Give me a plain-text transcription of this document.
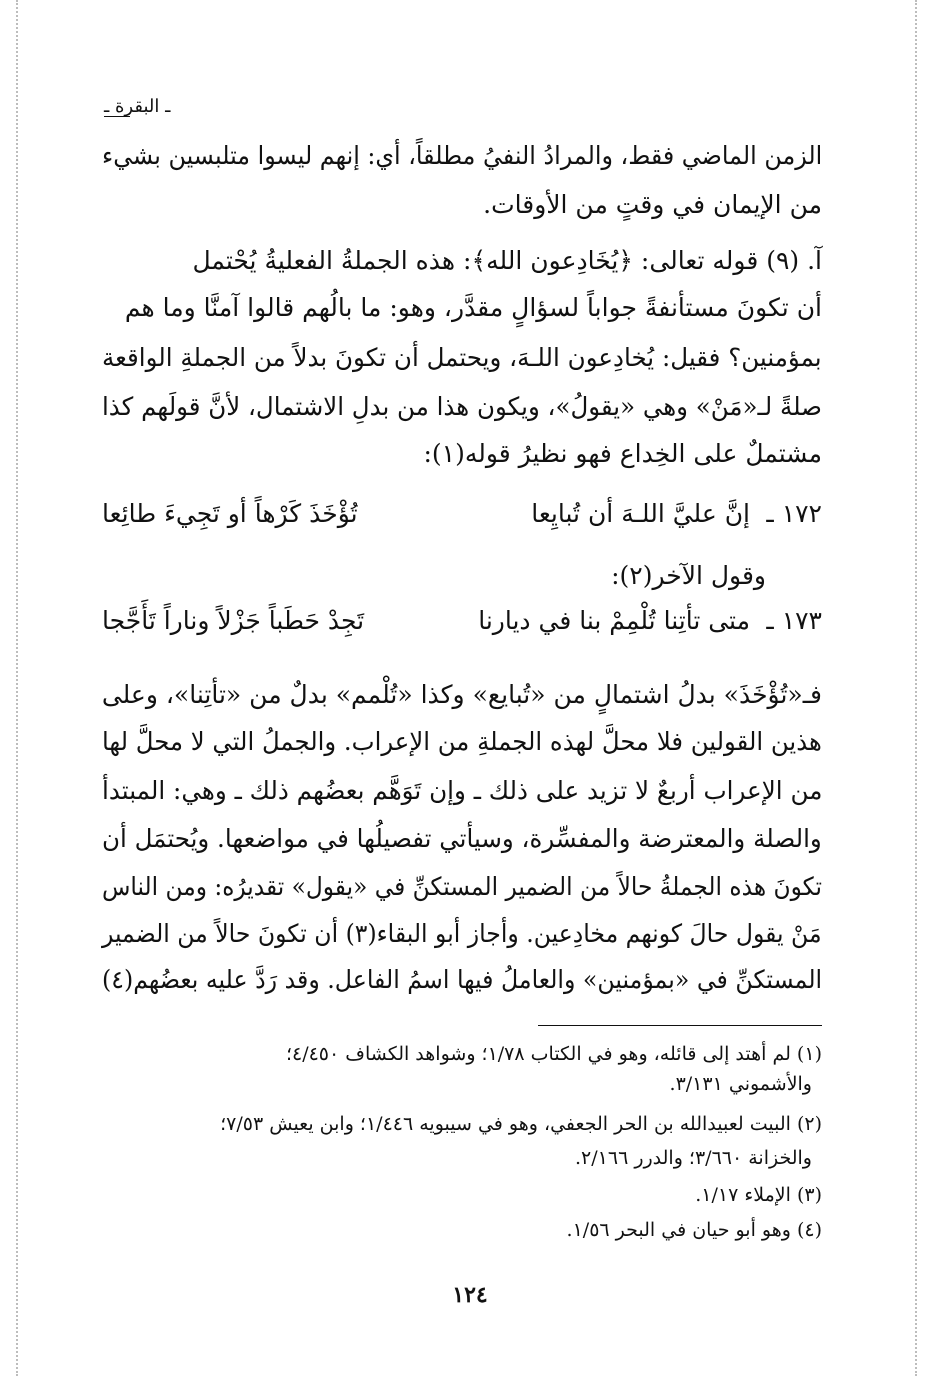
ـ البقرة ـ
الزمن الماضي فقط، والمرادُ النفيُ مطلقاً، أي: إنهم ليسوا متلبسين بشيء
من الإيمان في وقتٍ من الأوقات.
آ. (٩) قوله تعالى: ﴿يُخَادِعون الله﴾: هذه الجملةُ الفعليةُ يُحْتمل
أن تكونَ مستأنفةً جواباً لسؤالٍ مقدَّر، وهو: ما بالُهم قالوا آمنَّا وما هم
بمؤمنين؟ فقيل: يُخادِعون اللـهَ، ويحتمل أن تكونَ بدلاً من الجملةِ الواقعة
صلةً لـ«مَنْ» وهي «يقولُ»، ويكون هذا من بدلِ الاشتمال، لأنَّ قولَهم كذا
مشتملٌ على الخِداع فهو نظيرُ قوله(١):
وقول الآخر(٢):
فـ«تُؤْخَذَ» بدلُ اشتمالٍ من «تُبايع» وكذا «تُلْمم» بدلٌ من «تأتِنا»، وعلى
هذين القولين فلا محلَّ لهذه الجملةِ من الإعراب. والجملُ التي لا محلَّ لها
من الإعراب أربعٌ لا تزيد على ذلك ـ وإن تَوَهَّم بعضُهم ذلك ـ وهي: المبتدأ
والصلة والمعترضة والمفسِّرة، وسيأتي تفصيلُها في مواضعها. ويُحتمَل أن
تكونَ هذه الجملةُ حالاً من الضمير المستكنِّ في «يقول» تقديرُه: ومن الناس
مَنْ يقول حالَ كونهم مخادِعين. وأجاز أبو البقاء(٣) أن تكونَ حالاً من الضمير
المستكنِّ في «بمؤمنين» والعاملُ فيها اسمُ الفاعل. وقد رَدَّ عليه بعضُهم(٤)
١٧٢ ـ
إنَّ عليَّ اللـهَ أن تُبايِعا
تُؤْخَذَ كَرْهاً أو تَجِيءَ طائِعا
١٧٣ ـ
متى تأتِنا تُلْمِمْ بنا في ديارنا
تَجِدْ حَطَباً جَزْلاً وناراً تَأَجَّجا
(١) لم أهتد إلى قائله، وهو في الكتاب ١/٧٨؛ وشواهد الكشاف ٤/٤٥٠؛
والأشموني ٣/١٣١.
(٢) البيت لعبيدالله بن الحر الجعفي، وهو في سيبويه ١/٤٤٦؛ وابن يعيش ٧/٥٣؛
والخزانة ٣/٦٦٠؛ والدرر ٢/١٦٦.
(٣) الإملاء ١/١٧.
(٤) وهو أبو حيان في البحر ١/٥٦.
١٢٤
